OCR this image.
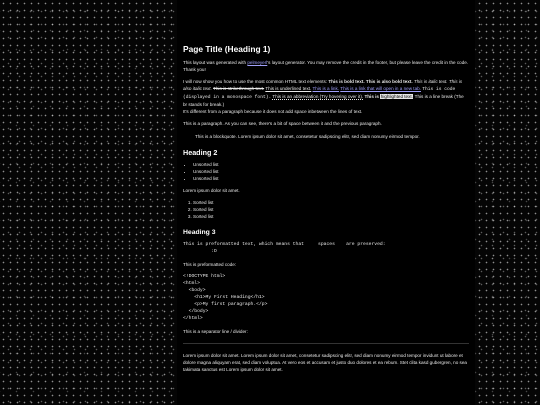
Page Title (Heading 1)

This layout was generated with pelmeyerl's layout generator. You may remove the credit in the footer, but please leave the credit in the code. Thank you!

I will now show you how to use the most common HTML text elements: This is bold text. This is also bold text. This is italic text. This is also italic text. This is strikethrough text. This is underlined text. This is a link. This is a link that will open in a new tab. This is code (displayed in a monospace font). This is an abbreviation (Try hovering over it). This is highlighted text. This is a line break (The br stands for break.)
It's different from a paragraph because it does not add space inbetween the lines of text.

This is a paragraph. As you can see, there's a bit of space between it and the previous paragraph.

This is a blockquote. Lorem ipsum dolor sit amet, consetetur sadipscing elitr, sed diam nonumy eirmod tempor.
Heading 2
• Unsorted list
• Unsorted list
• Unsorted list

Lorem ipsum dolor sit amet.

1. Sorted list
2. Sorted list
3. Sorted list
Heading 3
This is preformatted text, which means that     spaces    are preserved:
:D

This is preformatted code:

<!DOCTYPE html>
<html>
<body>
<h1>My First Heading</h1>
<p>My first paragraph.</p>
</body>
</html>

This is a separator line / divider:

Lorem ipsum dolor sit amet. Lorem ipsum dolor sit amet, consetetur sadipscing elitr, sed diam nonumy eirmod tempor invidunt ut labore et dolore magna aliquyam erat, sed diam voluptua. At vero eos et accusam et justo duo dolores et ea rebum. Stet clita kasd gubergren, no sea takimata sanctus est Lorem ipsum dolor sit amet.
